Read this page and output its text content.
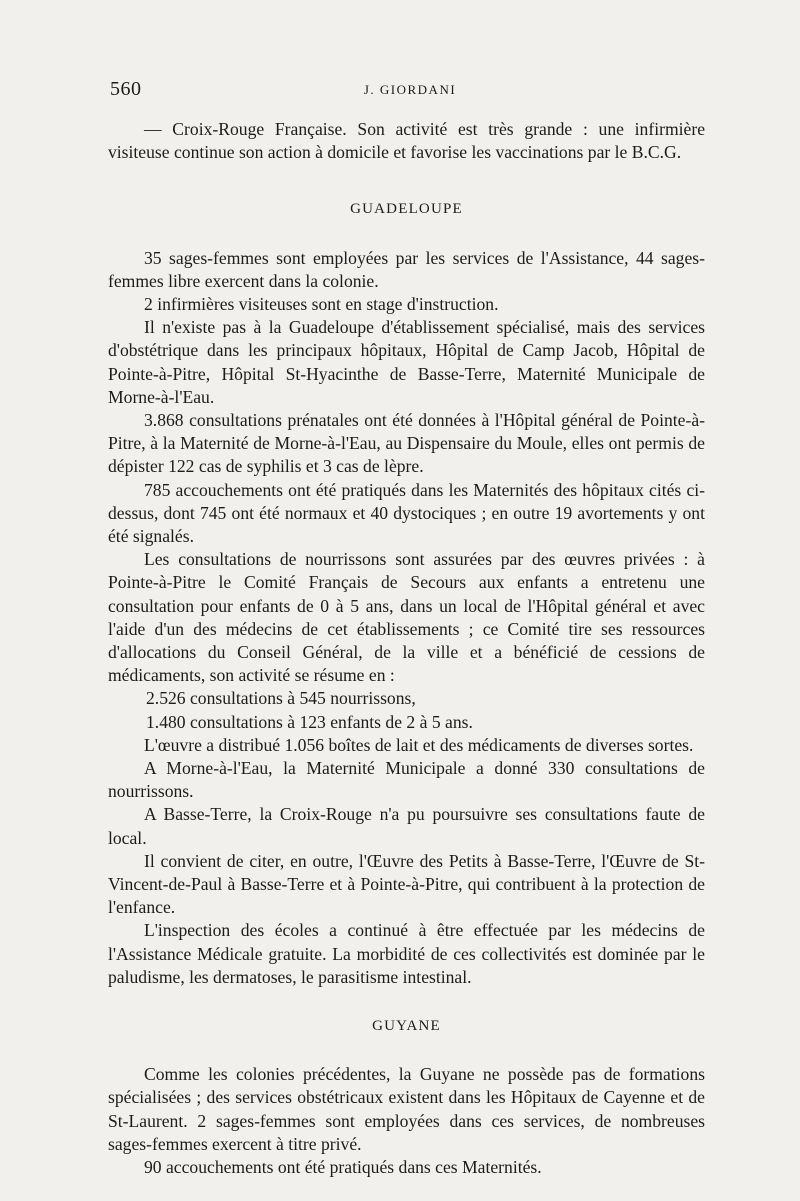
560	J. GIORDANI

— Croix-Rouge Française. Son activité est très grande : une infirmière visiteuse continue son action à domicile et favorise les vaccinations par le B.C.G.

GUADELOUPE

35 sages-femmes sont employées par les services de l'Assistance, 44 sages-femmes libre exercent dans la colonie.

2 infirmières visiteuses sont en stage d'instruction.

Il n'existe pas à la Guadeloupe d'établissement spécialisé, mais des services d'obstétrique dans les principaux hôpitaux, Hôpital de Camp Jacob, Hôpital de Pointe-à-Pitre, Hôpital St-Hyacinthe de Basse-Terre, Maternité Municipale de Morne-à-l'Eau.

3.868 consultations prénatales ont été données à l'Hôpital général de Pointe-à-Pitre, à la Maternité de Morne-à-l'Eau, au Dispensaire du Moule, elles ont permis de dépister 122 cas de syphilis et 3 cas de lèpre.

785 accouchements ont été pratiqués dans les Maternités des hôpitaux cités ci-dessus, dont 745 ont été normaux et 40 dystociques ; en outre 19 avortements y ont été signalés.

Les consultations de nourrissons sont assurées par des œuvres privées : à Pointe-à-Pitre le Comité Français de Secours aux enfants a entretenu une consultation pour enfants de 0 à 5 ans, dans un local de l'Hôpital général et avec l'aide d'un des médecins de cet établissements ; ce Comité tire ses ressources d'allocations du Conseil Général, de la ville et a bénéficié de cessions de médicaments, son activité se résume en :

2.526 consultations à 545 nourrissons,

1.480 consultations à 123 enfants de 2 à 5 ans.

L'œuvre a distribué 1.056 boîtes de lait et des médicaments de diverses sortes.

A Morne-à-l'Eau, la Maternité Municipale a donné 330 consultations de nourrissons.

A Basse-Terre, la Croix-Rouge n'a pu poursuivre ses consultations faute de local.

Il convient de citer, en outre, l'Œuvre des Petits à Basse-Terre, l'Œuvre de St-Vincent-de-Paul à Basse-Terre et à Pointe-à-Pitre, qui contribuent à la protection de l'enfance.

L'inspection des écoles a continué à être effectuée par les médecins de l'Assistance Médicale gratuite. La morbidité de ces collectivités est dominée par le paludisme, les dermatoses, le parasitisme intestinal.

GUYANE

Comme les colonies précédentes, la Guyane ne possède pas de formations spécialisées ; des services obstétricaux existent dans les Hôpitaux de Cayenne et de St-Laurent. 2 sages-femmes sont employées dans ces services, de nombreuses sages-femmes exercent à titre privé.

90 accouchements ont été pratiqués dans ces Maternités.
